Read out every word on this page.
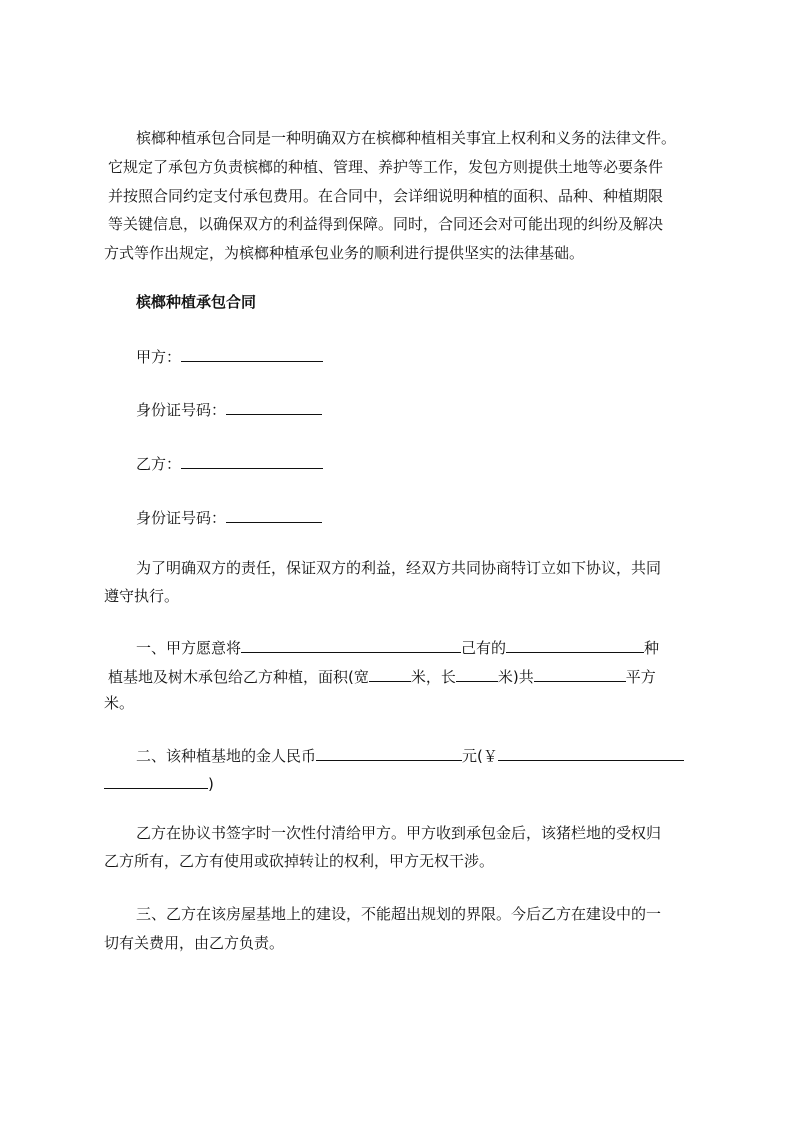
槟榔种植承包合同是一种明确双方在槟榔种植相关事宜上权利和义务的法律文件。
它规定了承包方负责槟榔的种植、管理、养护等工作，发包方则提供土地等必要条件
并按照合同约定支付承包费用。在合同中，会详细说明种植的面积、品种、种植期限
等关键信息，以确保双方的利益得到保障。同时，合同还会对可能出现的纠纷及解决
方式等作出规定，为槟榔种植承包业务的顺利进行提供坚实的法律基础。
槟榔种植承包合同
甲方：
身份证号码：
乙方：
身份证号码：
为了明确双方的责任，保证双方的利益，经双方共同协商特订立如下协议，共同
遵守执行。
一、甲方愿意将	己有的	种
植基地及树木承包给乙方种植，面积(宽	米，长	米)共	平方
米。
二、该种植基地的金人民币	元(￥
)
乙方在协议书签字时一次性付清给甲方。甲方收到承包金后，该猪栏地的受权归
乙方所有，乙方有使用或砍掉转让的权利，甲方无权干涉。
三、乙方在该房屋基地上的建设，不能超出规划的界限。今后乙方在建设中的一
切有关费用，由乙方负责。
